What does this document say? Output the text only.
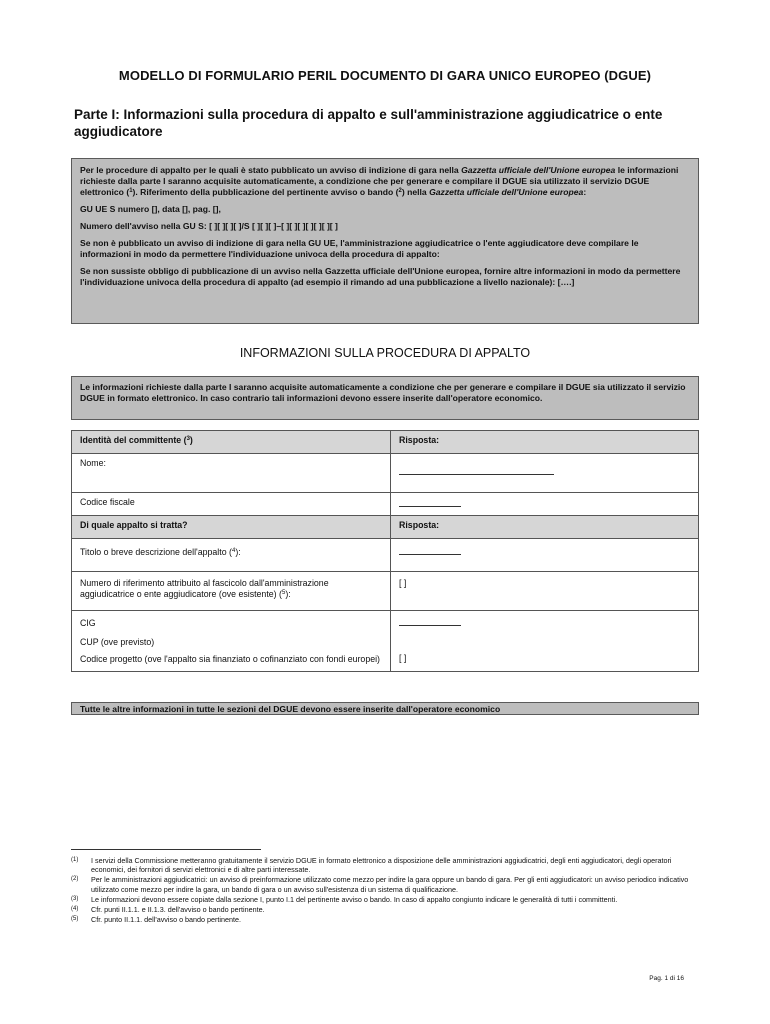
MODELLO DI FORMULARIO PERIL DOCUMENTO DI GARA UNICO EUROPEO (DGUE)
Parte I: Informazioni sulla procedura di appalto e sull'amministrazione aggiudicatrice o ente aggiudicatore

Per le procedure di appalto per le quali è stato pubblicato un avviso di indizione di gara nella Gazzetta ufficiale dell'Unione europea le informazioni richieste dalla parte I saranno acquisite automaticamente, a condizione che per generare e compilare il DGUE sia utilizzato il servizio DGUE elettronico ($^1$). Riferimento della pubblicazione del pertinente avviso o bando ($^2$) nella Gazzetta ufficiale dell'Unione europea:

GU UE S numero [], data [], pag. [],

Numero dell'avviso nella GU S: [ ][ ][ ][ ]/S [ ][ ][ ]–[ ][ ][ ][ ][ ][ ][ ]

Se non è pubblicato un avviso di indizione di gara nella GU UE, l'amministrazione aggiudicatrice o l'ente aggiudicatore deve compilare le informazioni in modo da permettere l'individuazione univoca della procedura di appalto:

Se non sussiste obbligo di pubblicazione di un avviso nella Gazzetta ufficiale dell'Unione europea, fornire altre informazioni in modo da permettere l'individuazione univoca della procedura di appalto (ad esempio il rimando ad una pubblicazione a livello nazionale): [….]

INFORMAZIONI SULLA PROCEDURA DI APPALTO

Le informazioni richieste dalla parte I saranno acquisite automaticamente a condizione che per generare e compilare il DGUE sia utilizzato il servizio DGUE in formato elettronico. In caso contrario tali informazioni devono essere inserite dall'operatore economico.

Identità del committente ($^3$)	Risposta:
Nome:	

Codice fiscale	

Di quale appalto si tratta?	Risposta:
Titolo o breve descrizione dell'appalto ($^4$):	

Numero di riferimento attribuito al fascicolo dall'amministrazione aggiudicatrice o ente aggiudicatore (ove esistente) ($^5$):	[ ]

CIG
CUP (ove previsto)
Codice progetto (ove l'appalto sia finanziato o cofinanziato con fondi europei)	[ ]
Tutte le altre informazioni in tutte le sezioni del DGUE devono essere inserite dall'operatore economico
(1)	I servizi della Commissione metteranno gratuitamente il servizio DGUE in formato elettronico a disposizione delle amministrazioni aggiudicatrici, degli enti aggiudicatori, degli operatori economici, dei fornitori di servizi elettronici e di altre parti interessate.
(2)	Per le amministrazioni aggiudicatrici: un avviso di preinformazione utilizzato come mezzo per indire la gara oppure un bando di gara. Per gli enti aggiudicatori: un avviso periodico indicativo utilizzato come mezzo per indire la gara, un bando di gara o un avviso sull'esistenza di un sistema di qualificazione.
(3)	Le informazioni devono essere copiate dalla sezione I, punto I.1 del pertinente avviso o bando. In caso di appalto congiunto indicare le generalità di tutti i committenti.
(4)	Cfr. punti II.1.1. e II.1.3. dell'avviso o bando pertinente.
(5)	Cfr. punto II.1.1. dell'avviso o bando pertinente.
Pag. 1 di 16
